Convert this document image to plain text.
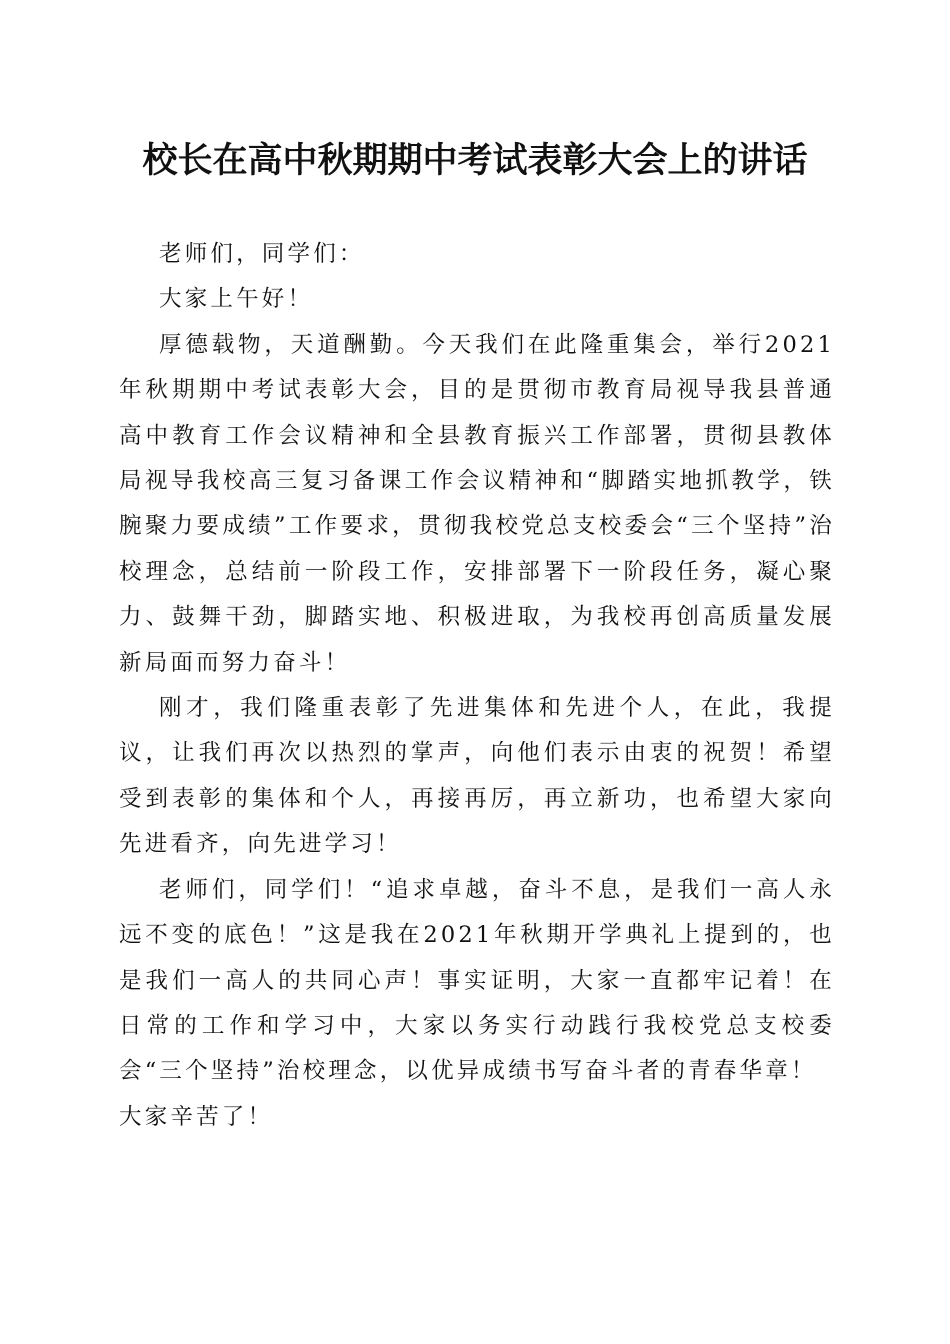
校长在高中秋期期中考试表彰大会上的讲话

老师们，同学们：

大家上午好！

厚德载物，天道酬勤。今天我们在此隆重集会，举行2021年秋期期中考试表彰大会，目的是贯彻市教育局视导我县普通高中教育工作会议精神和全县教育振兴工作部署，贯彻县教体局视导我校高三复习备课工作会议精神和“脚踏实地抓教学，铁腕聚力要成绩”工作要求，贯彻我校党总支校委会“三个坚持”治校理念，总结前一阶段工作，安排部署下一阶段任务，凝心聚力、鼓舞干劲，脚踏实地、积极进取，为我校再创高质量发展新局面而努力奋斗！

刚才，我们隆重表彰了先进集体和先进个人，在此，我提议，让我们再次以热烈的掌声，向他们表示由衷的祝贺！希望受到表彰的集体和个人，再接再厉，再立新功，也希望大家向先进看齐，向先进学习！

老师们，同学们！“追求卓越，奋斗不息，是我们一高人永远不变的底色！”这是我在2021年秋期开学典礼上提到的，也是我们一高人的共同心声！事实证明，大家一直都牢记着！在日常的工作和学习中，大家以务实行动践行我校党总支校委会“三个坚持”治校理念，以优异成绩书写奋斗者的青春华章！

大家辛苦了！
